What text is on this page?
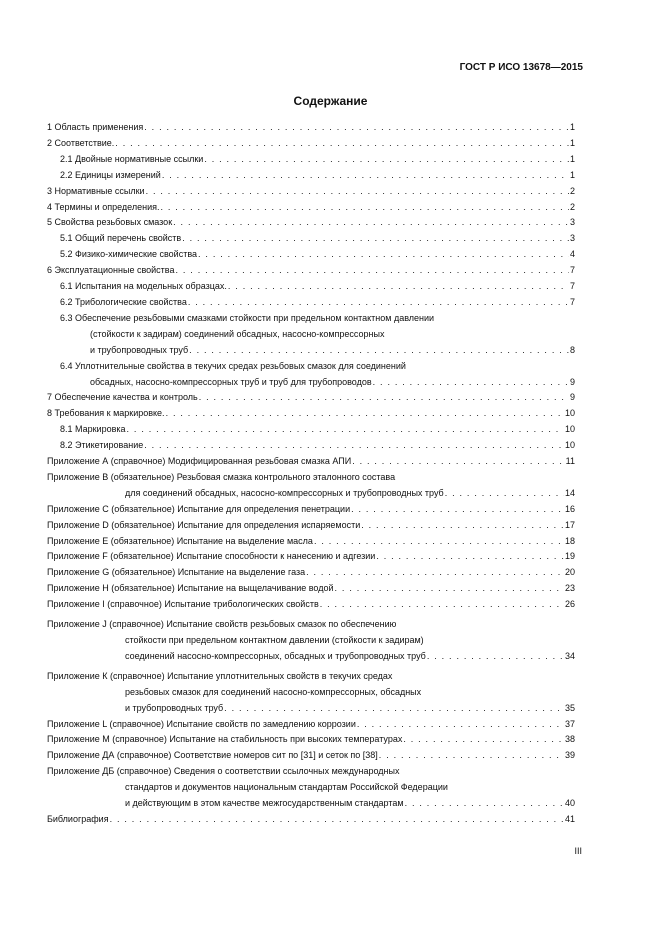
ГОСТ Р ИСО 13678—2015
Содержание
1 Область применения . . .	1
2 Соответствие. . . .	1
2.1 Двойные нормативные ссылки . . .	1
2.2 Единицы измерений . . .	1
3 Нормативные ссылки . . .	2
4 Термины и определения. . . .	2
5 Свойства резьбовых смазок . . .	3
5.1 Общий перечень свойств . . .	3
5.2 Физико-химические свойства . . .	4
6 Эксплуатационные свойства . . .	7
6.1 Испытания на модельных образцах. . . .	7
6.2 Трибологические свойства . . .	7
6.3 Обеспечение резьбовыми смазками стойкости при предельном контактном давлении
(стойкости к задирам) соединений обсадных, насосно-компрессорных
и трубопроводных труб . . .	8
6.4 Уплотнительные свойства в текучих средах резьбовых смазок для соединений
обсадных, насосно-компрессорных труб и труб для трубопроводов . . .	9
7 Обеспечение качества и контроль . . .	9
8 Требования к маркировке. . . .	10
8.1 Маркировка . . .	10
8.2 Этикетирование . . .	10
Приложение А (справочное) Модифицированная резьбовая смазка АПИ . . .	11
Приложение В (обязательное) Резьбовая смазка контрольного эталонного состава
для соединений обсадных, насосно-компрессорных и трубопроводных труб . . .	14
Приложение С (обязательное) Испытание для определения пенетрации . . .	16
Приложение D (обязательное) Испытание для определения испаряемости . . .	17
Приложение Е (обязательное) Испытание на выделение масла . . .	18
Приложение F (обязательное) Испытание способности к нанесению и адгезии . . .	19
Приложение G (обязательное) Испытание на выделение газа . . .	20
Приложение Н (обязательное) Испытание на выщелачивание водой . . .	23
Приложение I (справочное) Испытание трибологических свойств . . .	26
Приложение J (справочное) Испытание свойств резьбовых смазок по обеспечению
стойкости при предельном контактном давлении (стойкости к задирам)
соединений насосно-компрессорных, обсадных и трубопроводных труб . . .	34
Приложение К (справочное) Испытание уплотнительных свойств в текучих средах
резьбовых смазок для соединений насосно-компрессорных, обсадных
и трубопроводных труб . . .	35
Приложение L (справочное) Испытание свойств по замедлению коррозии . . .	37
Приложение М (справочное) Испытание на стабильность при высоких температурах . . .	38
Приложение ДА (справочное) Соответствие номеров сит по [31] и сеток по [38] . . .	39
Приложение ДБ (справочное) Сведения о соответствии ссылочных международных
стандартов и документов национальным стандартам Российской Федерации
и действующим в этом качестве межгосударственным стандартам . . .	40
Библиография . . .	41
III
